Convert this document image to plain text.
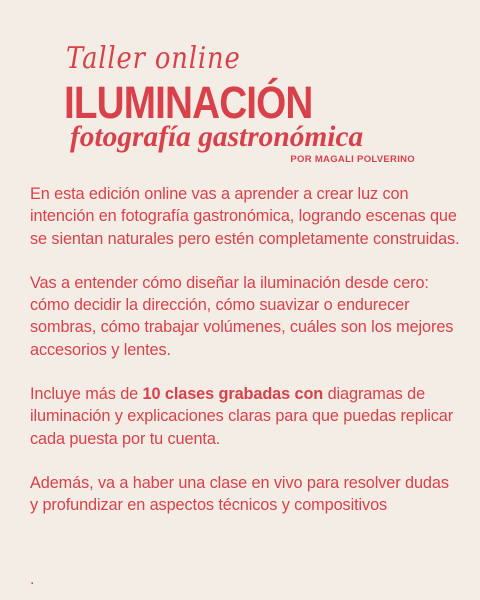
Taller online
ILUMINACIÓN
fotografía gastronómica
POR MAGALI POLVERINO

En esta edición online vas a aprender a crear luz con intención en fotografía gastronómica, logrando escenas que se sientan naturales pero estén completamente construidas.

Vas a entender cómo diseñar la iluminación desde cero: cómo decidir la dirección, cómo suavizar o endurecer sombras, cómo trabajar volúmenes, cuáles son los mejores accesorios y lentes.

Incluye más de 10 clases grabadas con diagramas de iluminación y explicaciones claras para que puedas replicar cada puesta por tu cuenta.

Además, va a haber una clase en vivo para resolver dudas y profundizar en aspectos técnicos y compositivos

.
